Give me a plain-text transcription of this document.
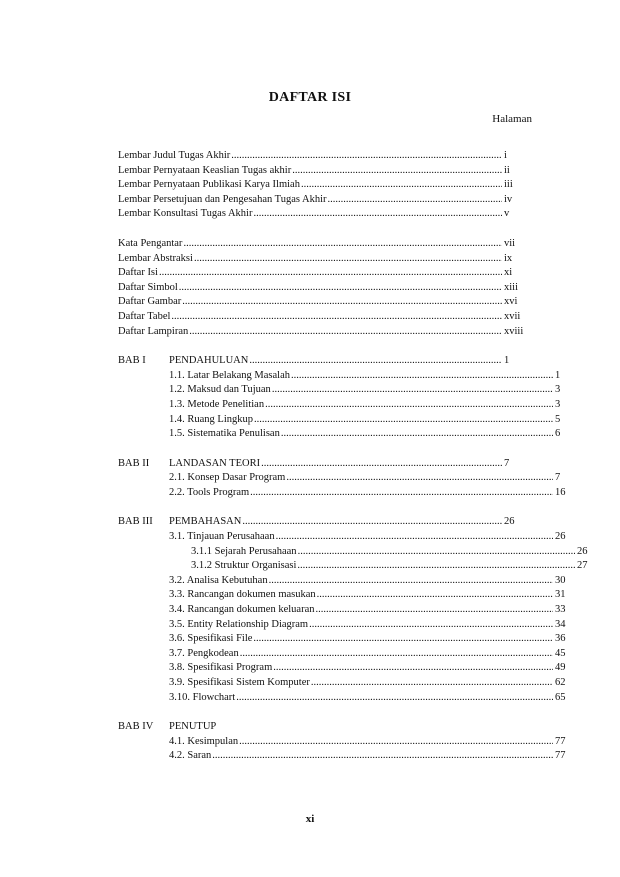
DAFTAR ISI
Halaman
Lembar Judul Tugas Akhir .....	i
Lembar Pernyataan Keaslian Tugas akhir .....	ii
Lembar Pernyataan Publikasi Karya Ilmiah .....	iii
Lembar Persetujuan dan Pengesahan Tugas Akhir .....	iv
Lembar Konsultasi Tugas Akhir .....	v
Kata Pengantar .....	vii
Lembar Abstraksi .....	ix
Daftar Isi .....	xi
Daftar Simbol .....	xiii
Daftar Gambar .....	xvi
Daftar Tabel .....	xvii
Daftar Lampiran .....	xviii
BAB I	PENDAHULUAN .....	1
1.1. Latar Belakang Masalah .....	1
1.2. Maksud dan Tujuan .....	3
1.3. Metode Penelitian .....	3
1.4. Ruang Lingkup .....	5
1.5. Sistematika Penulisan .....	6
BAB II	LANDASAN TEORI .....	7
2.1. Konsep Dasar Program .....	7
2.2. Tools Program .....	16
BAB III	PEMBAHASAN .....	26
3.1. Tinjauan Perusahaan .....	26
3.1.1 Sejarah Perusahaan .....	26
3.1.2 Struktur Organisasi .....	27
3.2. Analisa Kebutuhan .....	30
3.3. Rancangan dokumen masukan .....	31
3.4. Rancangan dokumen keluaran .....	33
3.5. Entity Relationship Diagram .....	34
3.6. Spesifikasi File .....	36
3.7. Pengkodean .....	45
3.8. Spesifikasi Program .....	49
3.9. Spesifikasi Sistem Komputer .....	62
3.10. Flowchart .....	65
BAB IV	PENUTUP
4.1. Kesimpulan .....	77
4.2. Saran .....	77
xi
